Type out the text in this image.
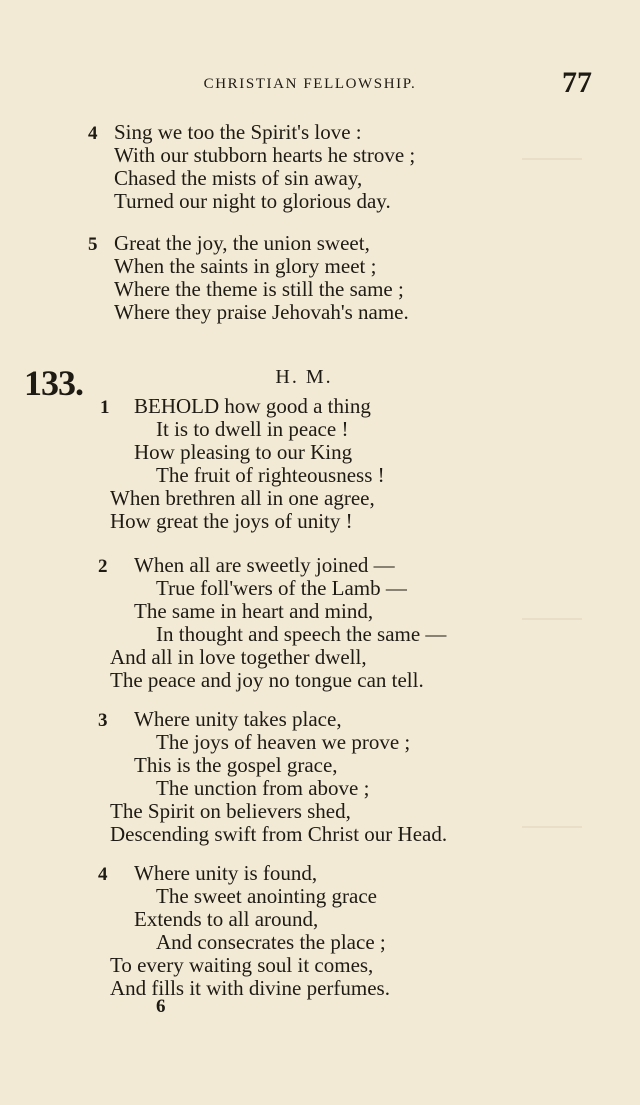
CHRISTIAN FELLOWSHIP.	77
4 Sing we too the Spirit's love :
With our stubborn hearts he strove ;
Chased the mists of sin away,
Turned our night to glorious day.
5 Great the joy, the union sweet,
When the saints in glory meet ;
Where the theme is still the same ;
Where they praise Jehovah's name.
133.	H. M.
1 BEHOLD how good a thing
It is to dwell in peace !
How pleasing to our King
The fruit of righteousness !
When brethren all in one agree,
How great the joys of unity !
2 When all are sweetly joined —
True foll'wers of the Lamb —
The same in heart and mind,
In thought and speech the same —
And all in love together dwell,
The peace and joy no tongue can tell.
3 Where unity takes place,
The joys of heaven we prove ;
This is the gospel grace,
The unction from above ;
The Spirit on believers shed,
Descending swift from Christ our Head.
4 Where unity is found,
The sweet anointing grace
Extends to all around,
And consecrates the place ;
To every waiting soul it comes,
And fills it with divine perfumes.
6
